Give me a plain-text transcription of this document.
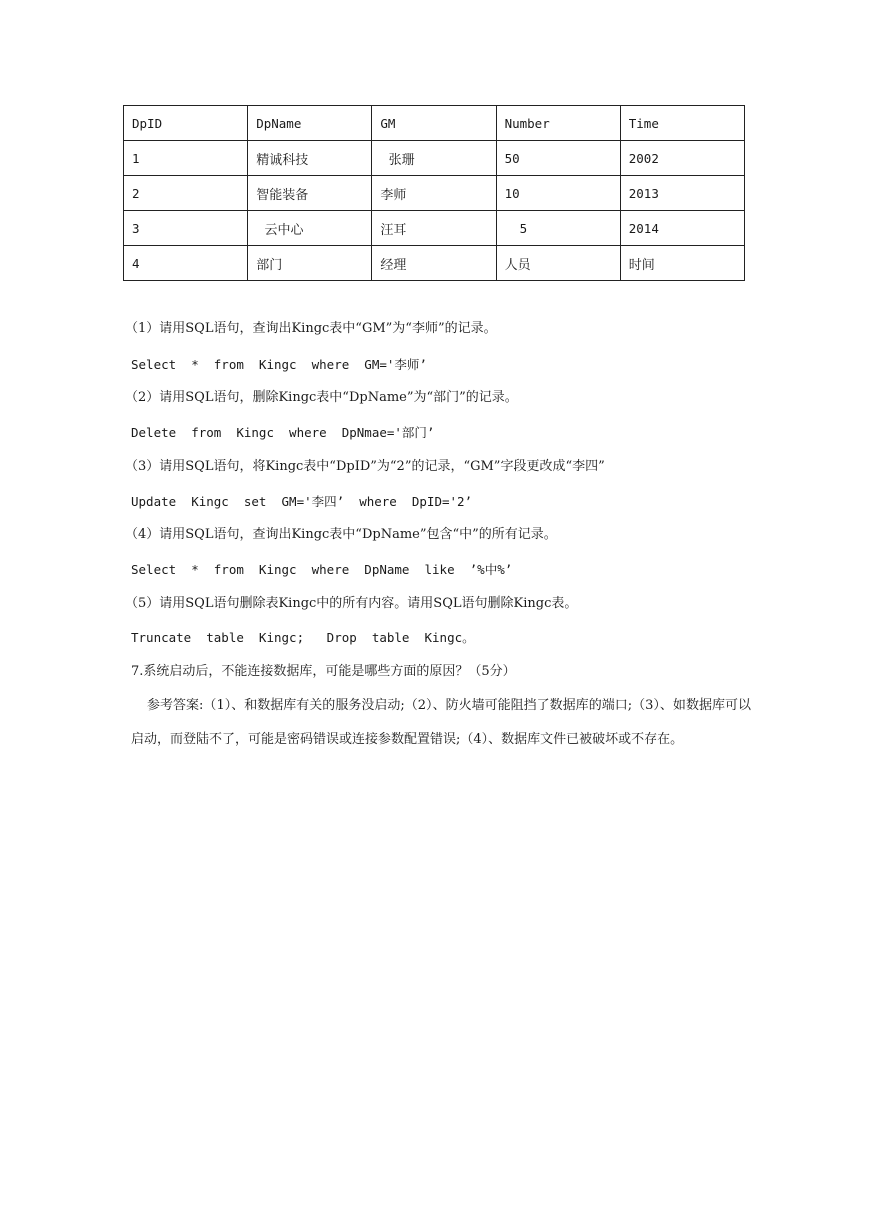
DpID	DpName	GM	Number	Time
1	精诚科技	张珊	50	2002
2	智能装备	李师	10	2013
3	云中心	汪耳	5	2014
4	部门	经理	人员	时间
（1）请用SQL语句，查询出Kingc表中“GM”为“李师”的记录。
Select  *  from  Kingc  where  GM='李师’
（2）请用SQL语句，删除Kingc表中“DpName”为“部门”的记录。
Delete  from  Kingc  where  DpNmae='部门’
（3）请用SQL语句，将Kingc表中“DpID”为“2”的记录，“GM”字段更改成“李四”
Update  Kingc  set  GM='李四’  where  DpID='2’
（4）请用SQL语句，查询出Kingc表中“DpName”包含“中”的所有记录。
Select  *  from  Kingc  where  DpName  like  ’%中%’
（5）请用SQL语句删除表Kingc中的所有内容。请用SQL语句删除Kingc表。
Truncate  table  Kingc;   Drop  table  Kingc。
7.系统启动后，不能连接数据库，可能是哪些方面的原因？（5分）
参考答案:（1）、和数据库有关的服务没启动;（2）、防火墙可能阻挡了数据库的端口;（3）、如数据库可以启动，而登陆不了，可能是密码错误或连接参数配置错误;（4）、数据库文件已被破坏或不存在。
